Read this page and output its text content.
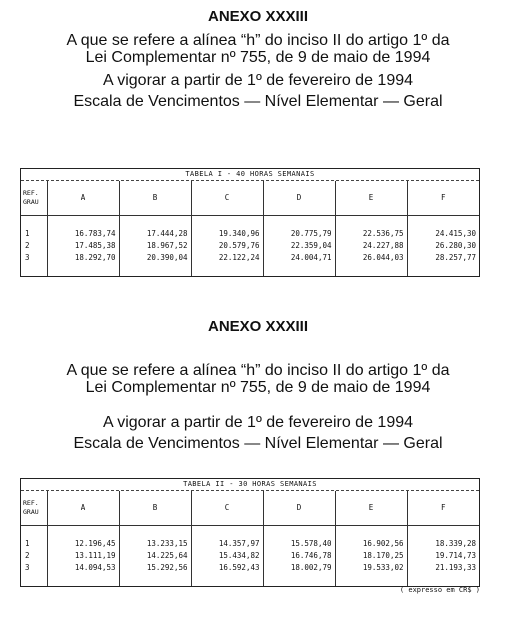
ANEXO XXXIII

A que se refere a alínea “h” do inciso II do artigo 1º da

Lei Complementar nº 755, de 9 de maio de 1994

A vigorar a partir de 1º de fevereiro de 1994

Escala de Vencimentos — Nível Elementar — Geral

TABELA I - 40 HORAS SEMANAIS
REF.
GRAU	A	B	C	D	E	F

1	16.783,74	17.444,28	19.340,96	20.775,79	22.536,75	24.415,30
2	17.485,38	18.967,52	20.579,76	22.359,04	24.227,88	26.280,30
3	18.292,70	20.390,04	22.122,24	24.004,71	26.044,03	28.257,77

ANEXO XXXIII

A que se refere a alínea “h” do inciso II do artigo 1º da

Lei Complementar nº 755, de 9 de maio de 1994

A vigorar a partir de 1º de fevereiro de 1994

Escala de Vencimentos — Nível Elementar — Geral

TABELA II - 30 HORAS SEMANAIS
REF.
GRAU	A	B	C	D	E	F

1	12.196,45	13.233,15	14.357,97	15.578,40	16.902,56	18.339,28
2	13.111,19	14.225,64	15.434,82	16.746,78	18.170,25	19.714,73
3	14.094,53	15.292,56	16.592,43	18.002,79	19.533,02	21.193,33

( expresso em CR$ )
